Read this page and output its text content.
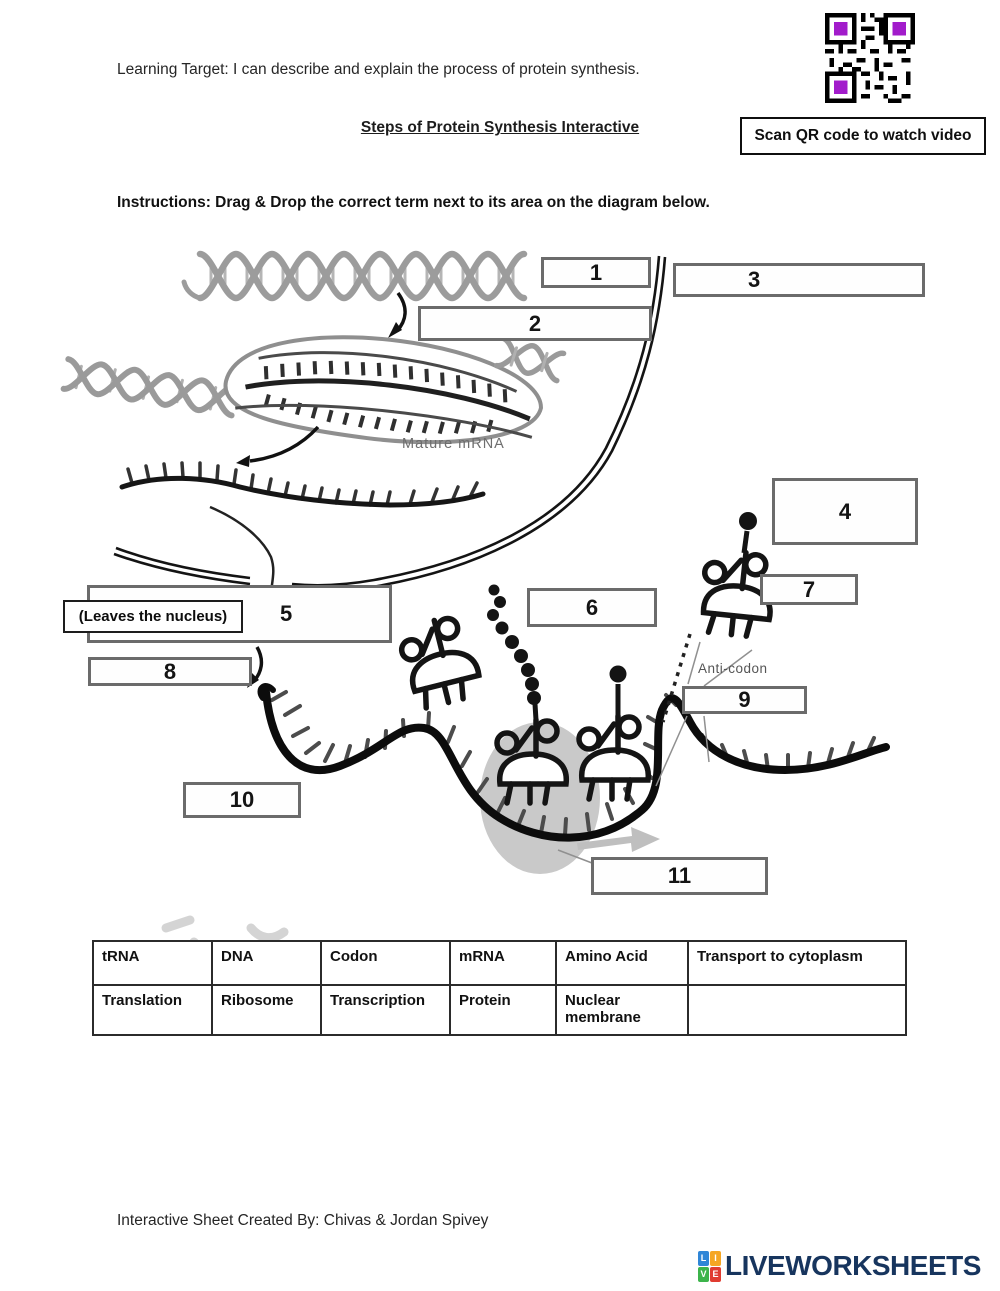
Learning Target: I can describe and explain the process of protein synthesis.
Scan QR code to watch video
Steps of Protein Synthesis Interactive
Instructions: Drag & Drop the correct term next to its area on the diagram below.
Mature mRNA
Anti-codon
1
2
3
4
5	6
7
8
9
10
11
(Leaves the nucleus)
tRNA	DNA	Codon	mRNA	Amino Acid	Transport to cytoplasm
Translation	Ribosome	Transcription	Protein	Nuclear membrane	
Interactive Sheet Created By: Chivas & Jordan Spivey
L I
V E LIVEWORKSHEETS
